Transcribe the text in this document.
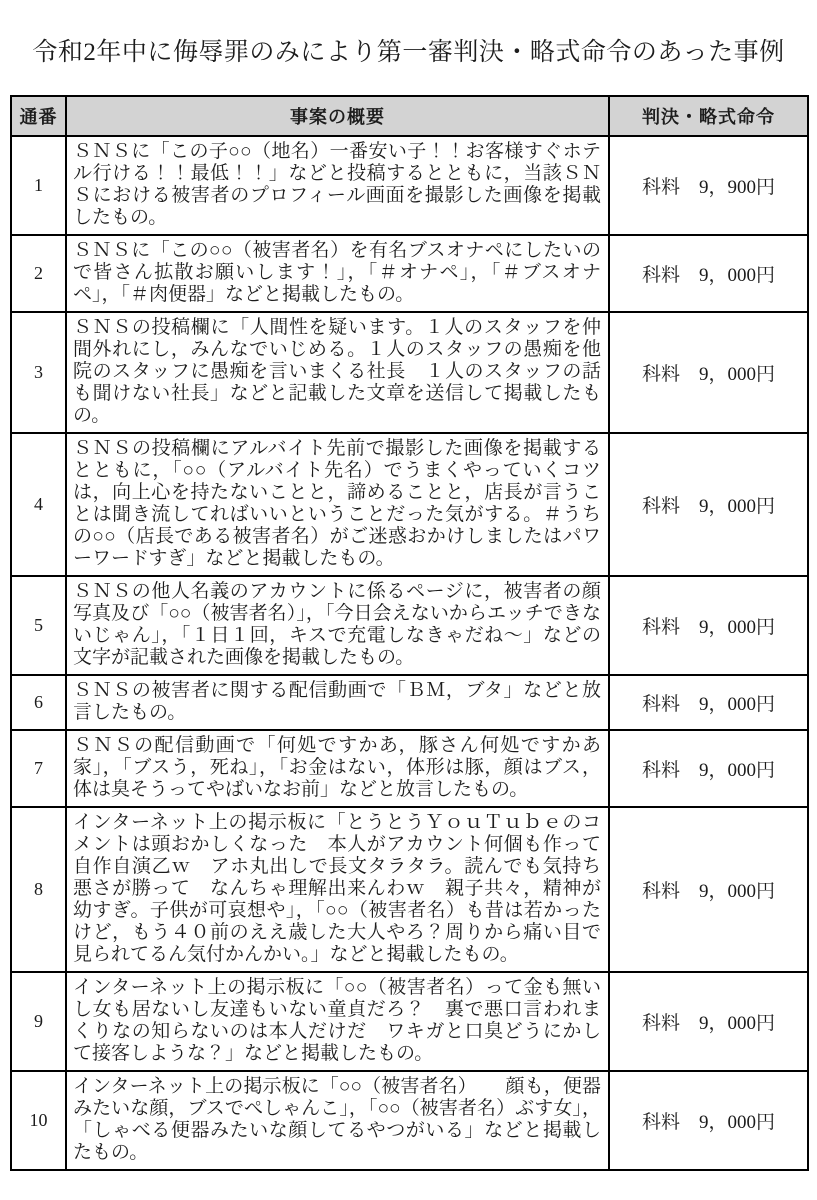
令和2年中に侮辱罪のみにより第一審判決・略式命令のあった事例
通番	事案の概要	判決・略式命令
1	ＳＮＳに「この子○○（地名）一番安い子！！お客様すぐホテル行ける！！最低！！」などと投稿するとともに，当該ＳＮＳにおける被害者のプロフィール画面を撮影した画像を掲載したもの。	科料　9，900円
2	ＳＮＳに「この○○（被害者名）を有名ブスオナペにしたいので皆さん拡散お願いします！」，「＃オナペ」，「＃ブスオナペ」，「＃肉便器」などと掲載したもの。	科料　9，000円
3	ＳＮＳの投稿欄に「人間性を疑います。１人のスタッフを仲間外れにし，みんなでいじめる。１人のスタッフの愚痴を他院のスタッフに愚痴を言いまくる社長　１人のスタッフの話も聞けない社長」などと記載した文章を送信して掲載したもの。	科料　9，000円
4	ＳＮＳの投稿欄にアルバイト先前で撮影した画像を掲載するとともに，「○○（アルバイト先名）でうまくやっていくコツは，向上心を持たないことと，諦めることと，店長が言うことは聞き流してればいいということだった気がする。＃うちの○○（店長である被害者名）がご迷惑おかけしましたはパワーワードすぎ」などと掲載したもの。	科料　9，000円
5	ＳＮＳの他人名義のアカウントに係るページに，被害者の顔写真及び「○○（被害者名）」，「今日会えないからエッチできないじゃん」，「１日１回，キスで充電しなきゃだね～」などの文字が記載された画像を掲載したもの。	科料　9，000円
6	ＳＮＳの被害者に関する配信動画で「ＢＭ，ブタ」などと放言したもの。	科料　9，000円
7	ＳＮＳの配信動画で「何処ですかあ，豚さん何処ですかあ家」，「ブスう，死ね」，「お金はない，体形は豚，顔はブス，体は臭そうってやばいなお前」などと放言したもの。	科料　9，000円
8	インターネット上の掲示板に「とうとうＹｏｕＴｕｂｅのコメントは頭おかしくなった　本人がアカウント何個も作って自作自演乙ｗ　アホ丸出しで長文タラタラ。読んでも気持ち悪さが勝って　なんちゃ理解出来んわｗ　親子共々，精神が幼すぎ。子供が可哀想や」，「○○（被害者名）も昔は若かったけど，もう４０前のええ歳した大人やろ？周りから痛い目で見られてるん気付かんかい。」などと掲載したもの。	科料　9，000円
9	インターネット上の掲示板に「○○（被害者名）って金も無いし女も居ないし友達もいない童貞だろ？　裏で悪口言われまくりなの知らないのは本人だけだ　ワキガと口臭どうにかして接客しような？」などと掲載したもの。	科料　9，000円
10	インターネット上の掲示板に「○○（被害者名）　　顔も，便器みたいな顔，ブスでぺしゃんこ」，「○○（被害者名）ぶす女」，「しゃべる便器みたいな顔してるやつがいる」などと掲載したもの。	科料　9，000円
